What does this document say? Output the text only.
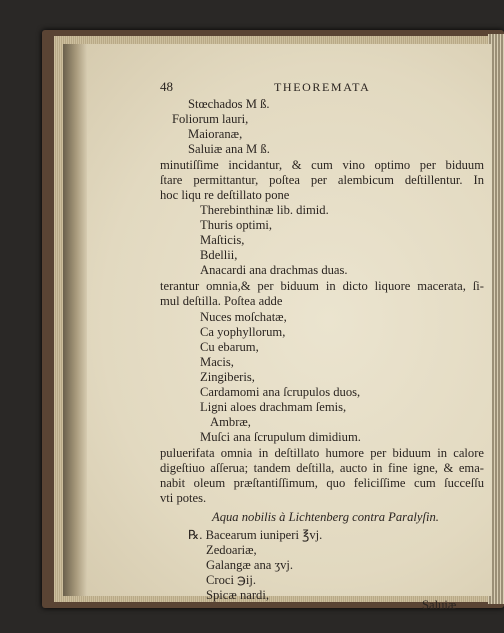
48	THEOREMATA
Stœchados M ß.
Foliorum lauri,
Maioranæ,
Saluiæ ana M ß.
minutiſſime incidantur, & cum vino optimo per biduum
ſtare permittantur, poſtea per alembicum deſtillentur. In
hoc liqu re deſtillato pone
Therebinthinæ lib. dimid.
Thuris optimi,
Maſticis,
Bdellii,
Anacardi ana drachmas duas.
terantur omnia,& per biduum in dicto liquore macerata, ſi-
mul deſtilla. Poſtea adde
Nuces moſchatæ,
Ca yophyllorum,
Cu ebarum,
Macis,
Zingiberis,
Cardamomi ana ſcrupulos duos,
Ligni aloes drachmam ſemis,
Ambræ,
Muſci ana ſcrupulum dimidium.
puluerifata omnia in deſtillato humore per biduum in calore
digeſtiuo aſſerua; tandem deſtilla, aucto in fine igne, & ema-
nabit oleum præſtantiſſimum, quo feliciſſime cum ſucceſſu
vti potes.
Aqua nobilis à Lichtenberg contra Paralyſin.
℞. Bacearum iuniperi ℥vj.
Zedoariæ,
Galangæ ana ʒvj.
Croci ℈ij.
Spicæ nardi,
Saluiæ
